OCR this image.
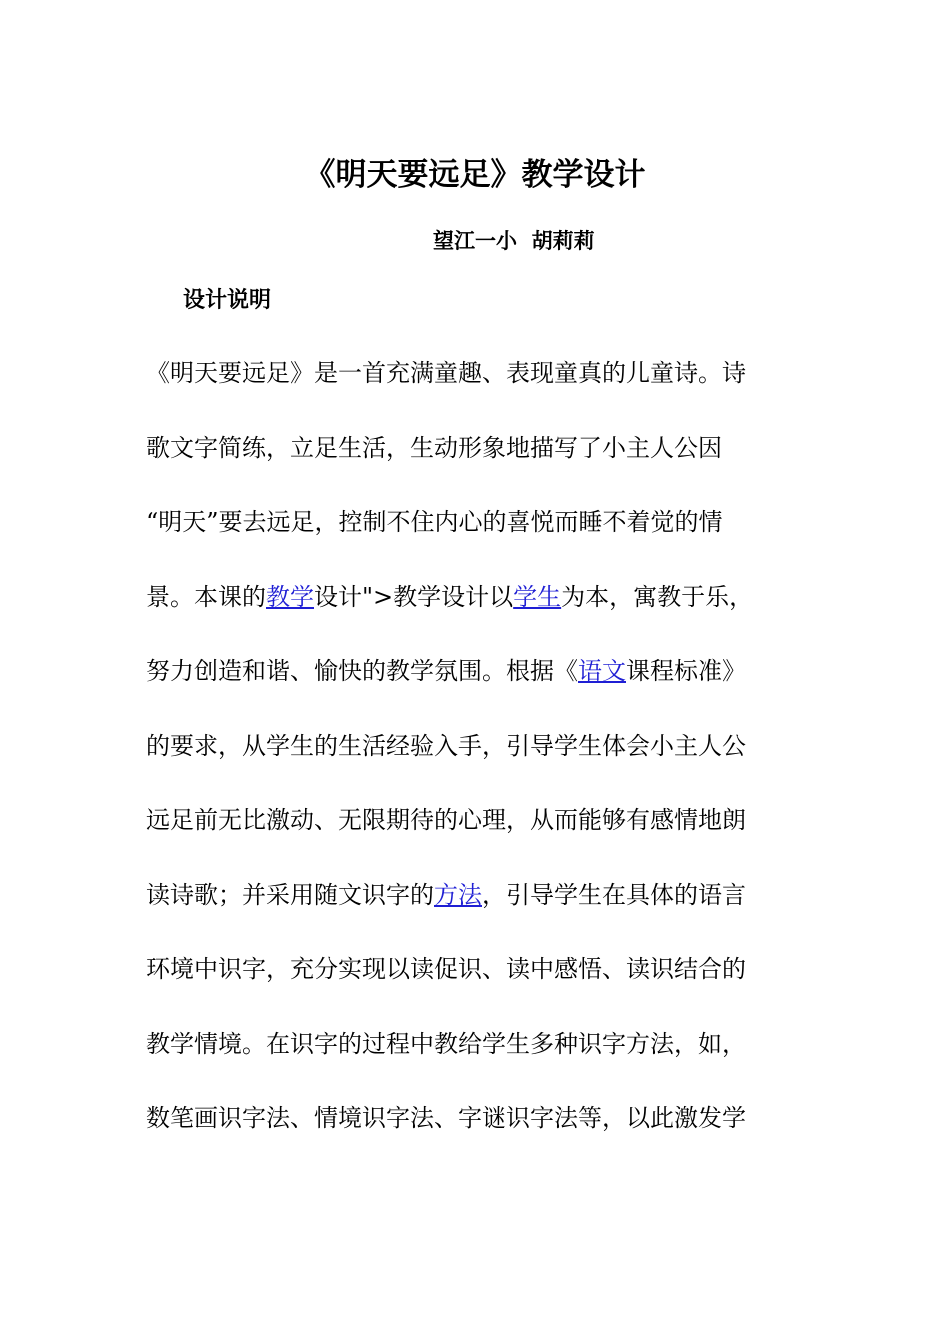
《明天要远足》教学设计
望江一小  胡莉莉
设计说明
《明天要远足》是一首充满童趣、表现童真的儿童诗。诗
歌文字简练，立足生活，生动形象地描写了小主人公因
“明天”要去远足，控制不住内心的喜悦而睡不着觉的情
景。本课的教学设计">教学设计以学生为本，寓教于乐，
努力创造和谐、愉快的教学氛围。根据《语文课程标准》
的要求，从学生的生活经验入手，引导学生体会小主人公
远足前无比激动、无限期待的心理，从而能够有感情地朗
读诗歌；并采用随文识字的方法，引导学生在具体的语言
环境中识字，充分实现以读促识、读中感悟、读识结合的
教学情境。在识字的过程中教给学生多种识字方法，如，
数笔画识字法、情境识字法、字谜识字法等，以此激发学
